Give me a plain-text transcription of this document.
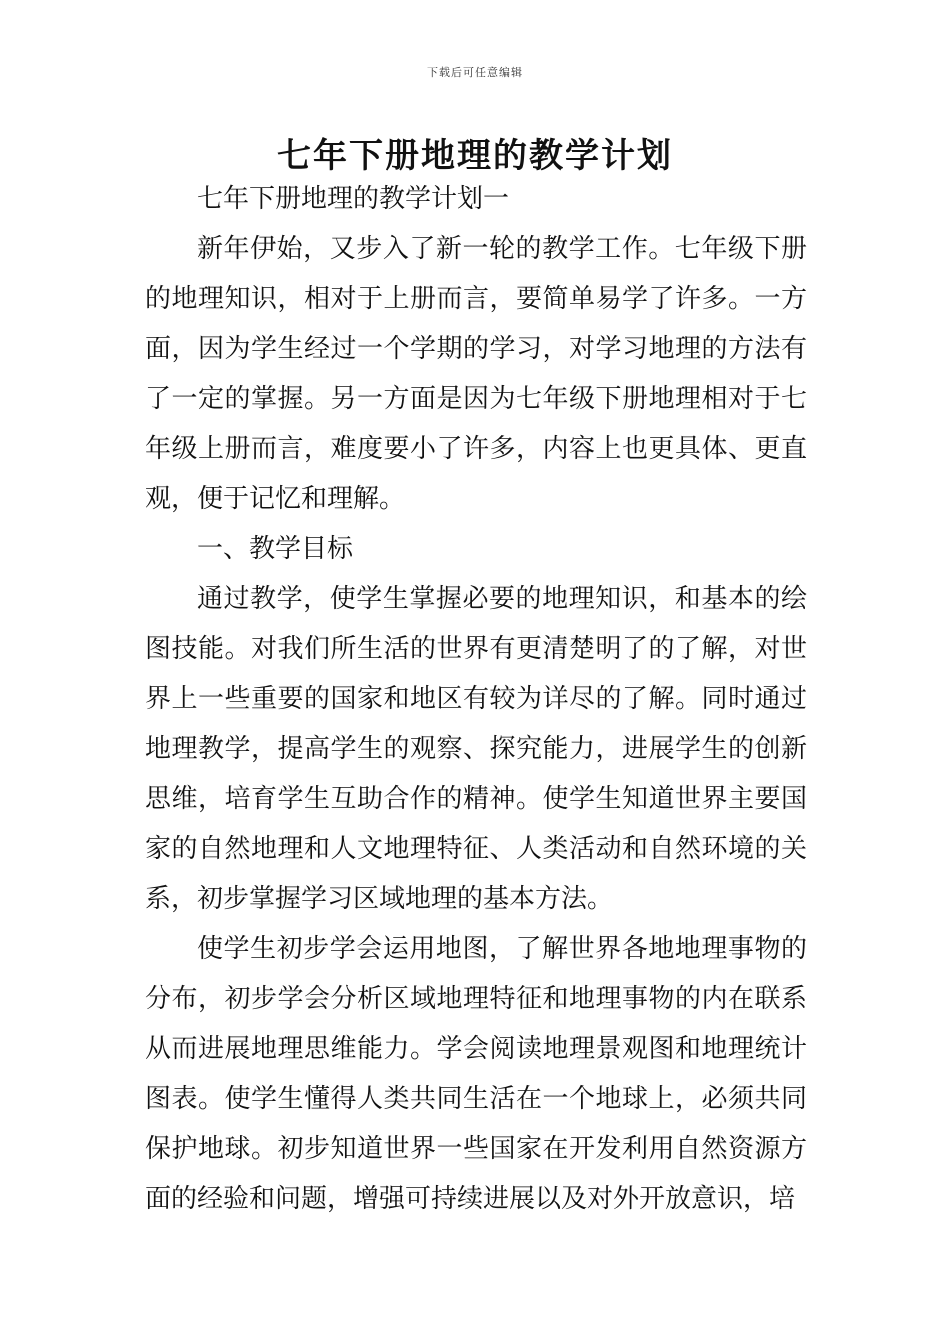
下载后可任意编辑
七年下册地理的教学计划

七年下册地理的教学计划一

新年伊始，又步入了新一轮的教学工作。七年级下册的地理知识，相对于上册而言，要简单易学了许多。一方面，因为学生经过一个学期的学习，对学习地理的方法有了一定的掌握。另一方面是因为七年级下册地理相对于七年级上册而言，难度要小了许多，内容上也更具体、更直观，便于记忆和理解。

一、教学目标

通过教学，使学生掌握必要的地理知识，和基本的绘图技能。对我们所生活的世界有更清楚明了的了解，对世界上一些重要的国家和地区有较为详尽的了解。同时通过地理教学，提高学生的观察、探究能力，进展学生的创新思维，培育学生互助合作的精神。使学生知道世界主要国家的自然地理和人文地理特征、人类活动和自然环境的关系，初步掌握学习区域地理的基本方法。

使学生初步学会运用地图，了解世界各地地理事物的分布，初步学会分析区域地理特征和地理事物的内在联系从而进展地理思维能力。学会阅读地理景观图和地理统计图表。使学生懂得人类共同生活在一个地球上，必须共同保护地球。初步知道世界一些国家在开发利用自然资源方面的经验和问题，增强可持续进展以及对外开放意识，培
